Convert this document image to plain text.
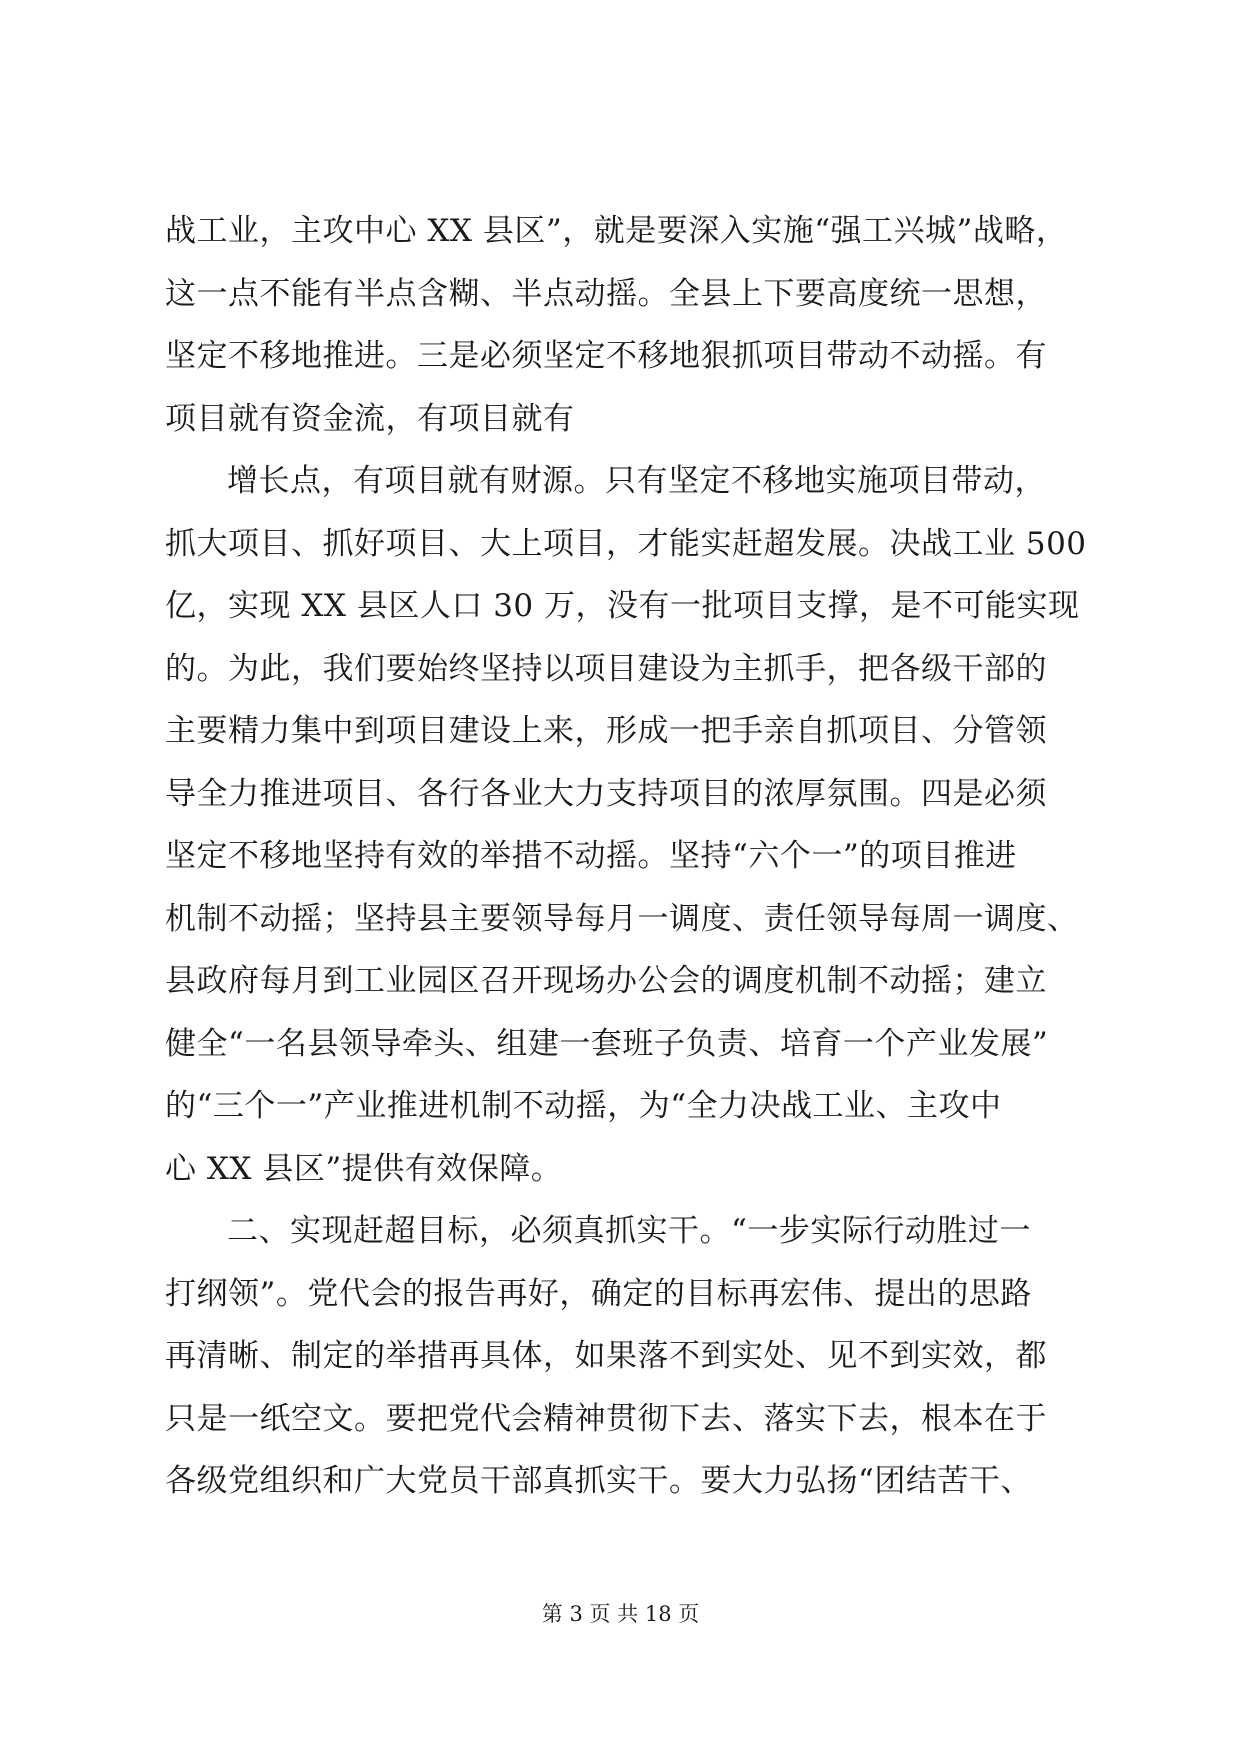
战工业，主攻中心 XX 县区”，就是要深入实施“强工兴城”战略，
这一点不能有半点含糊、半点动摇。全县上下要高度统一思想，
坚定不移地推进。三是必须坚定不移地狠抓项目带动不动摇。有
项目就有资金流，有项目就有
增长点，有项目就有财源。只有坚定不移地实施项目带动，
抓大项目、抓好项目、大上项目，才能实赶超发展。决战工业 500
亿，实现 XX 县区人口 30 万，没有一批项目支撑，是不可能实现
的。为此，我们要始终坚持以项目建设为主抓手，把各级干部的
主要精力集中到项目建设上来，形成一把手亲自抓项目、分管领
导全力推进项目、各行各业大力支持项目的浓厚氛围。四是必须
坚定不移地坚持有效的举措不动摇。坚持“六个一”的项目推进
机制不动摇；坚持县主要领导每月一调度、责任领导每周一调度、
县政府每月到工业园区召开现场办公会的调度机制不动摇；建立
健全“一名县领导牵头、组建一套班子负责、培育一个产业发展”
的“三个一”产业推进机制不动摇，为“全力决战工业、主攻中
心 XX 县区”提供有效保障。
二、实现赶超目标，必须真抓实干。“一步实际行动胜过一
打纲领”。党代会的报告再好，确定的目标再宏伟、提出的思路
再清晰、制定的举措再具体，如果落不到实处、见不到实效，都
只是一纸空文。要把党代会精神贯彻下去、落实下去，根本在于
各级党组织和广大党员干部真抓实干。要大力弘扬“团结苦干、
第 3 页 共 18 页
